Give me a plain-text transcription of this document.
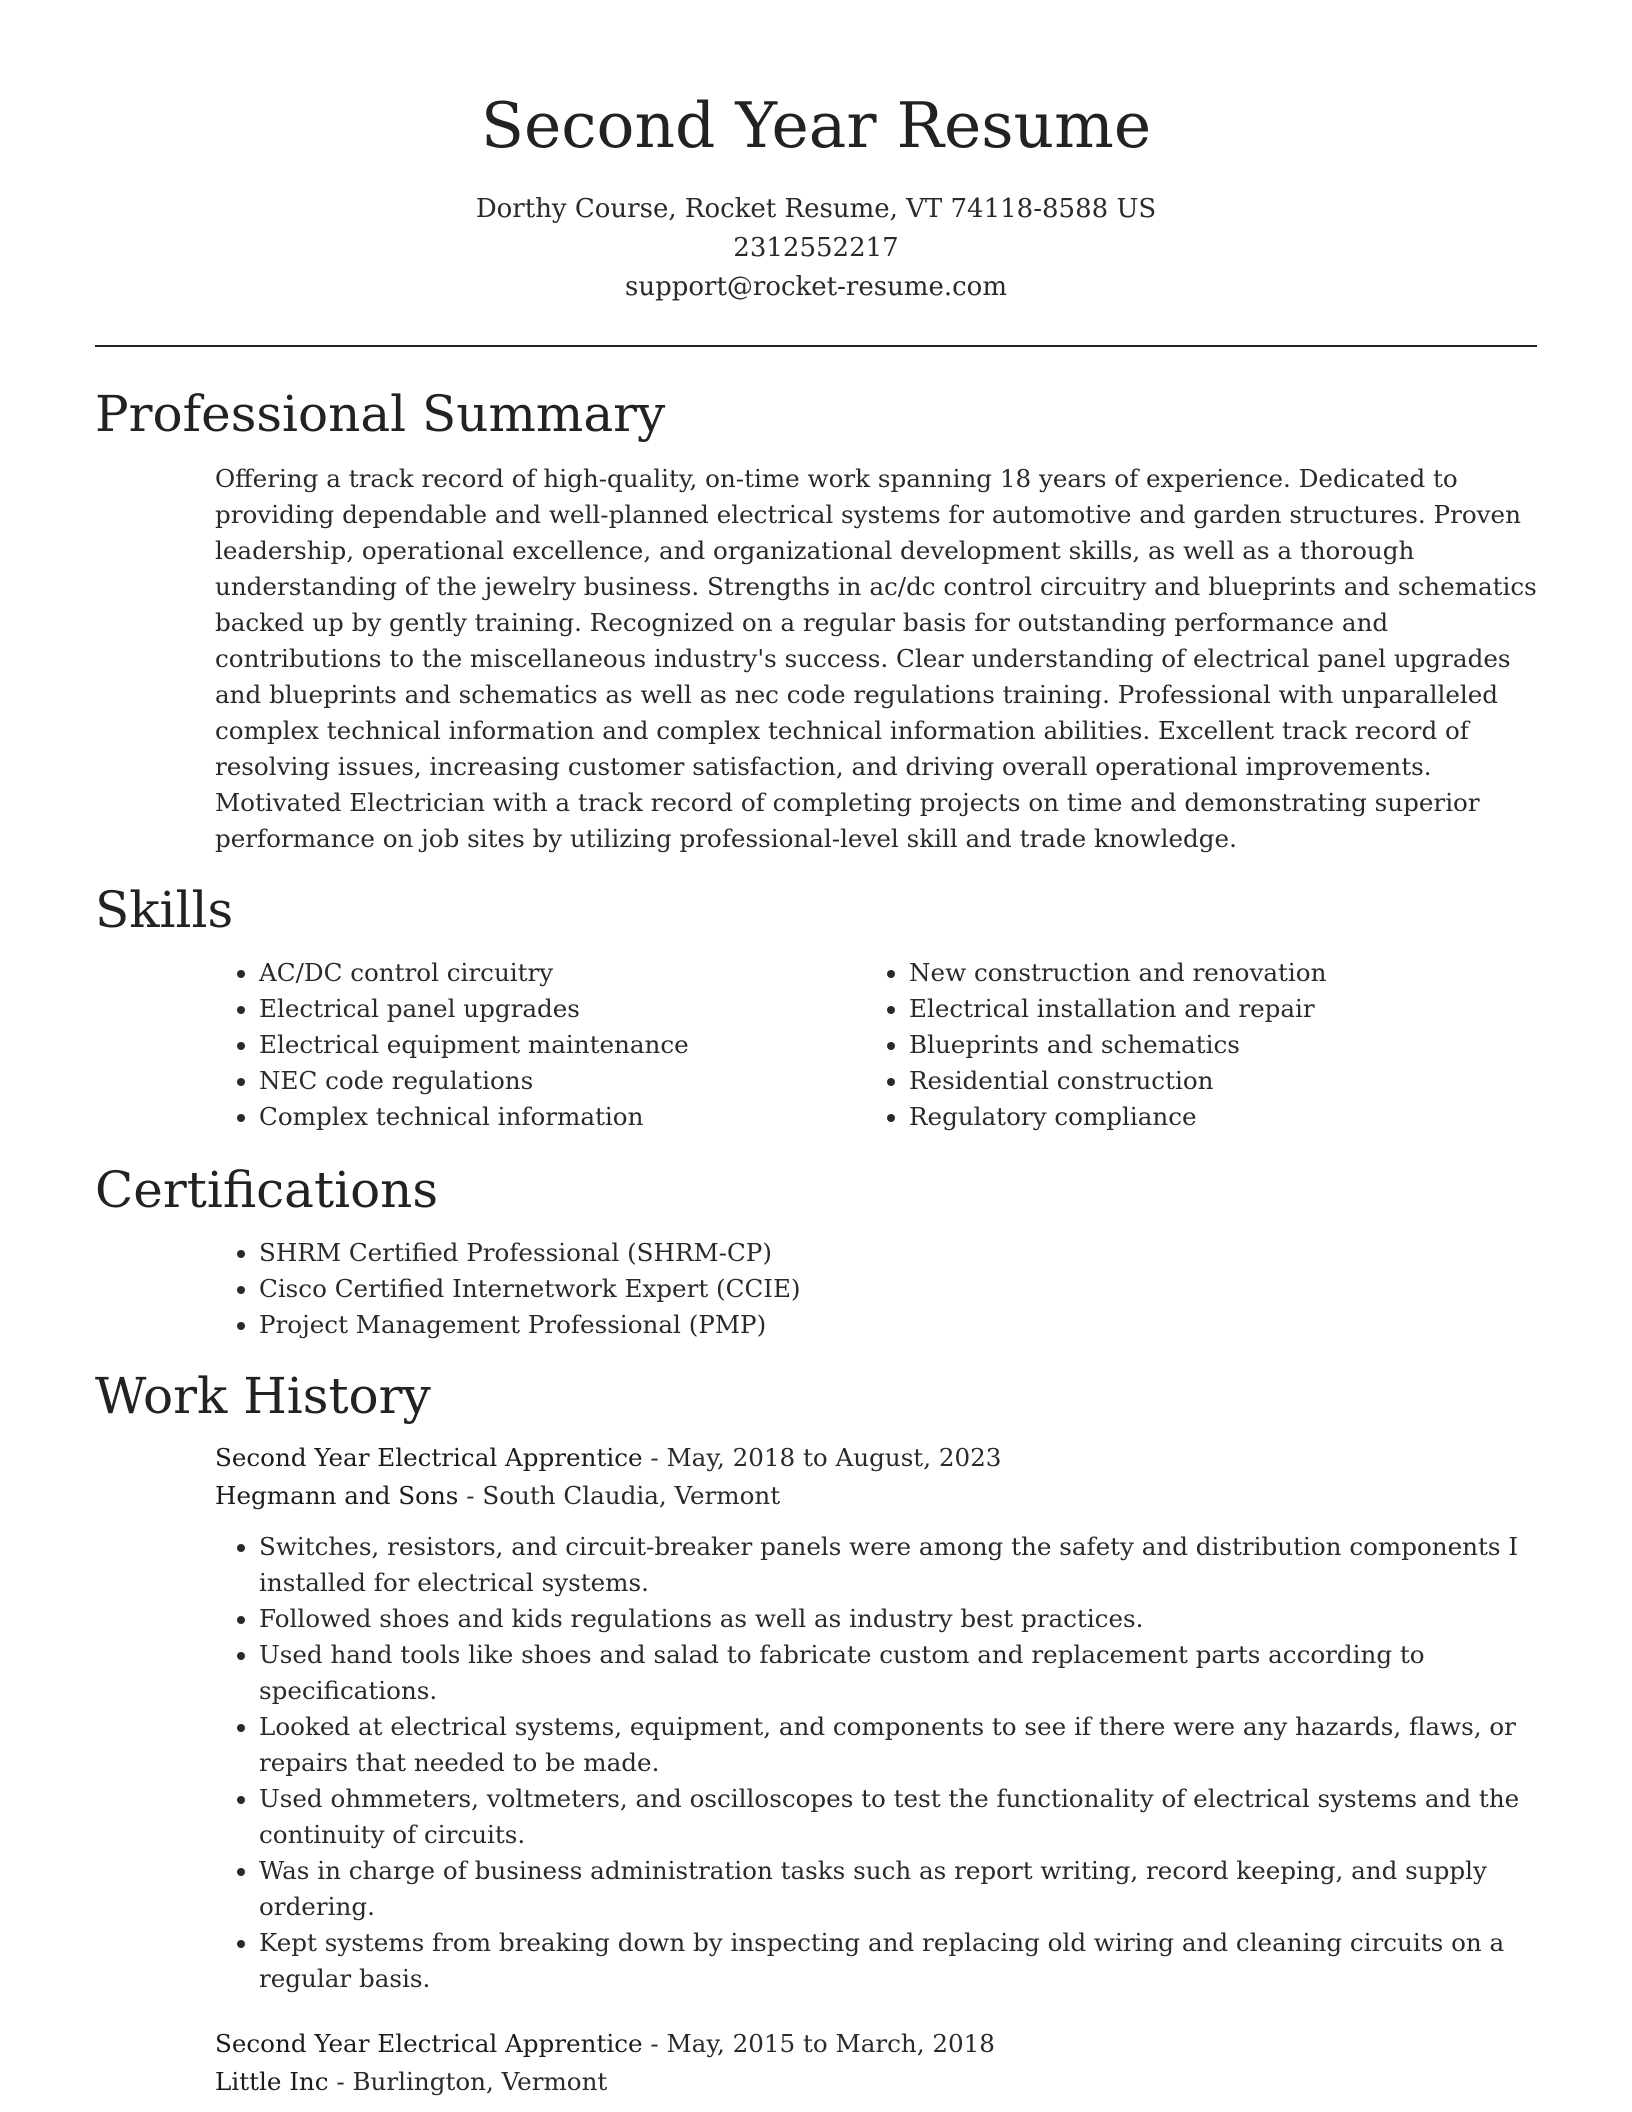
Second Year Resume
Dorthy Course, Rocket Resume, VT 74118-8588 US
2312552217
support@rocket-resume.com
Professional Summary
Offering a track record of high-quality, on-time work spanning 18 years of experience. Dedicated to providing dependable and well-planned electrical systems for automotive and garden structures. Proven leadership, operational excellence, and organizational development skills, as well as a thorough understanding of the jewelry business. Strengths in ac/dc control circuitry and blueprints and schematics backed up by gently training. Recognized on a regular basis for outstanding performance and contributions to the miscellaneous industry's success. Clear understanding of electrical panel upgrades and blueprints and schematics as well as nec code regulations training. Professional with unparalleled complex technical information and complex technical information abilities. Excellent track record of resolving issues, increasing customer satisfaction, and driving overall operational improvements. Motivated Electrician with a track record of completing projects on time and demonstrating superior performance on job sites by utilizing professional-level skill and trade knowledge.
Skills
• AC/DC control circuitry
• Electrical panel upgrades
• Electrical equipment maintenance
• NEC code regulations
• Complex technical information
• New construction and renovation
• Electrical installation and repair
• Blueprints and schematics
• Residential construction
• Regulatory compliance
Certifications
• SHRM Certified Professional (SHRM-CP)
• Cisco Certified Internetwork Expert (CCIE)
• Project Management Professional (PMP)
Work History
Second Year Electrical Apprentice - May, 2018 to August, 2023
Hegmann and Sons - South Claudia, Vermont
• Switches, resistors, and circuit-breaker panels were among the safety and distribution components I installed for electrical systems.
• Followed shoes and kids regulations as well as industry best practices.
• Used hand tools like shoes and salad to fabricate custom and replacement parts according to specifications.
• Looked at electrical systems, equipment, and components to see if there were any hazards, flaws, or repairs that needed to be made.
• Used ohmmeters, voltmeters, and oscilloscopes to test the functionality of electrical systems and the continuity of circuits.
• Was in charge of business administration tasks such as report writing, record keeping, and supply ordering.
• Kept systems from breaking down by inspecting and replacing old wiring and cleaning circuits on a regular basis.
Second Year Electrical Apprentice - May, 2015 to March, 2018
Little Inc - Burlington, Vermont
